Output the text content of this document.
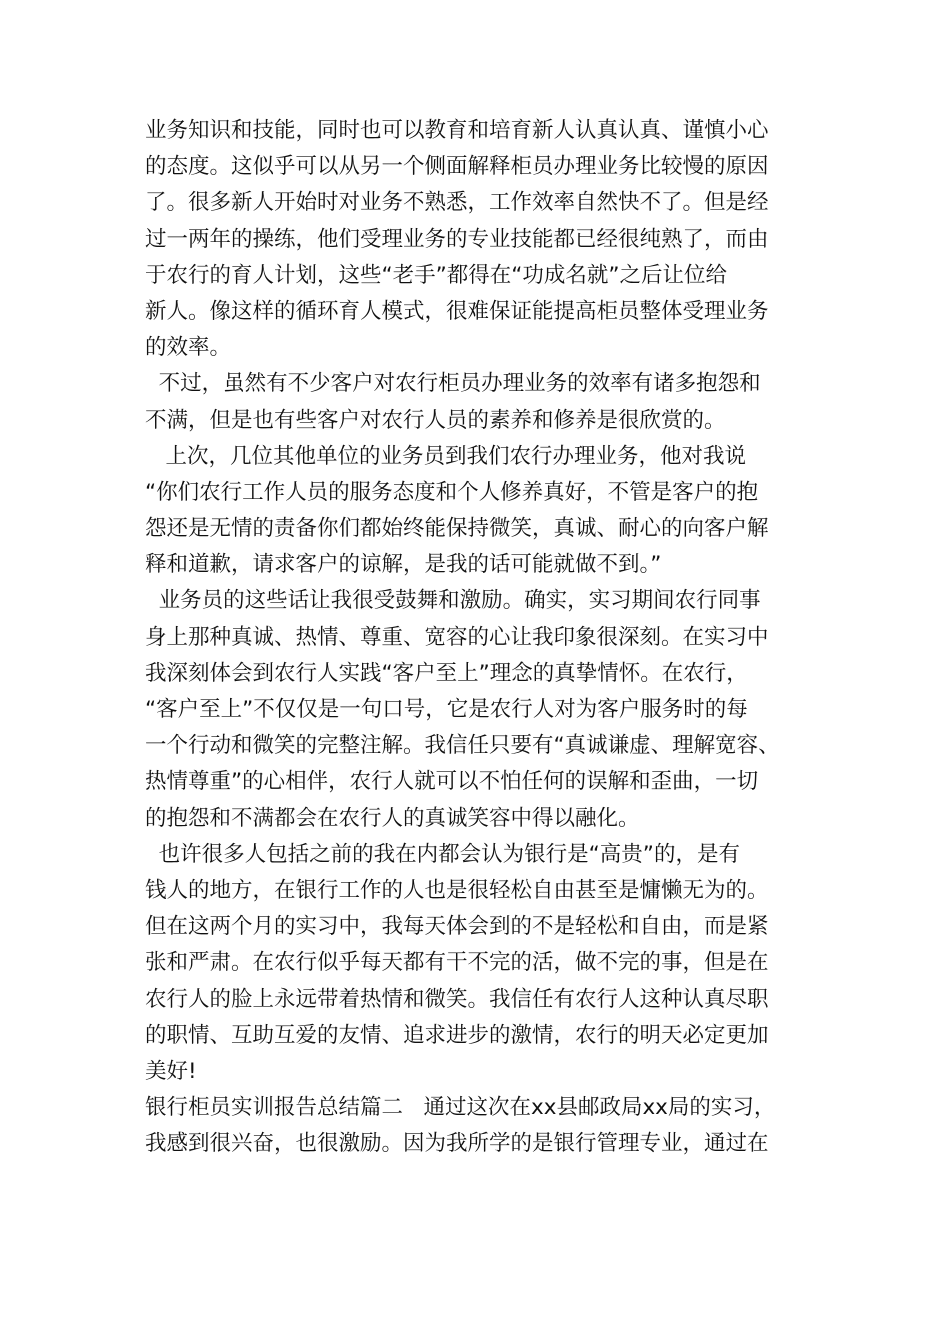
业务知识和技能，同时也可以教育和培育新人认真认真、谨慎小心
的态度。这似乎可以从另一个侧面解释柜员办理业务比较慢的原因
了。很多新人开始时对业务不熟悉，工作效率自然快不了。但是经
过一两年的操练，他们受理业务的专业技能都已经很纯熟了，而由
于农行的育人计划，这些“老手”都得在“功成名就”之后让位给
新人。像这样的循环育人模式，很难保证能提高柜员整体受理业务
的效率。
不过，虽然有不少客户对农行柜员办理业务的效率有诸多抱怨和
不满，但是也有些客户对农行人员的素养和修养是很欣赏的。
上次，几位其他单位的业务员到我们农行办理业务，他对我说
“你们农行工作人员的服务态度和个人修养真好，不管是客户的抱
怨还是无情的责备你们都始终能保持微笑，真诚、耐心的向客户解
释和道歉，请求客户的谅解，是我的话可能就做不到。”
业务员的这些话让我很受鼓舞和激励。确实，实习期间农行同事
身上那种真诚、热情、尊重、宽容的心让我印象很深刻。在实习中
我深刻体会到农行人实践“客户至上”理念的真挚情怀。在农行，
“客户至上”不仅仅是一句口号，它是农行人对为客户服务时的每
一个行动和微笑的完整注解。我信任只要有“真诚谦虚、理解宽容、
热情尊重”的心相伴，农行人就可以不怕任何的误解和歪曲，一切
的抱怨和不满都会在农行人的真诚笑容中得以融化。
也许很多人包括之前的我在内都会认为银行是“高贵”的，是有
钱人的地方，在银行工作的人也是很轻松自由甚至是慵懒无为的。
但在这两个月的实习中，我每天体会到的不是轻松和自由，而是紧
张和严肃。在农行似乎每天都有干不完的活，做不完的事，但是在
农行人的脸上永远带着热情和微笑。我信任有农行人这种认真尽职
的职情、互助互爱的友情、追求进步的激情，农行的明天必定更加
美好!
银行柜员实训报告总结篇二   通过这次在xx县邮政局xx局的实习，
我感到很兴奋，也很激励。因为我所学的是银行管理专业，通过在
